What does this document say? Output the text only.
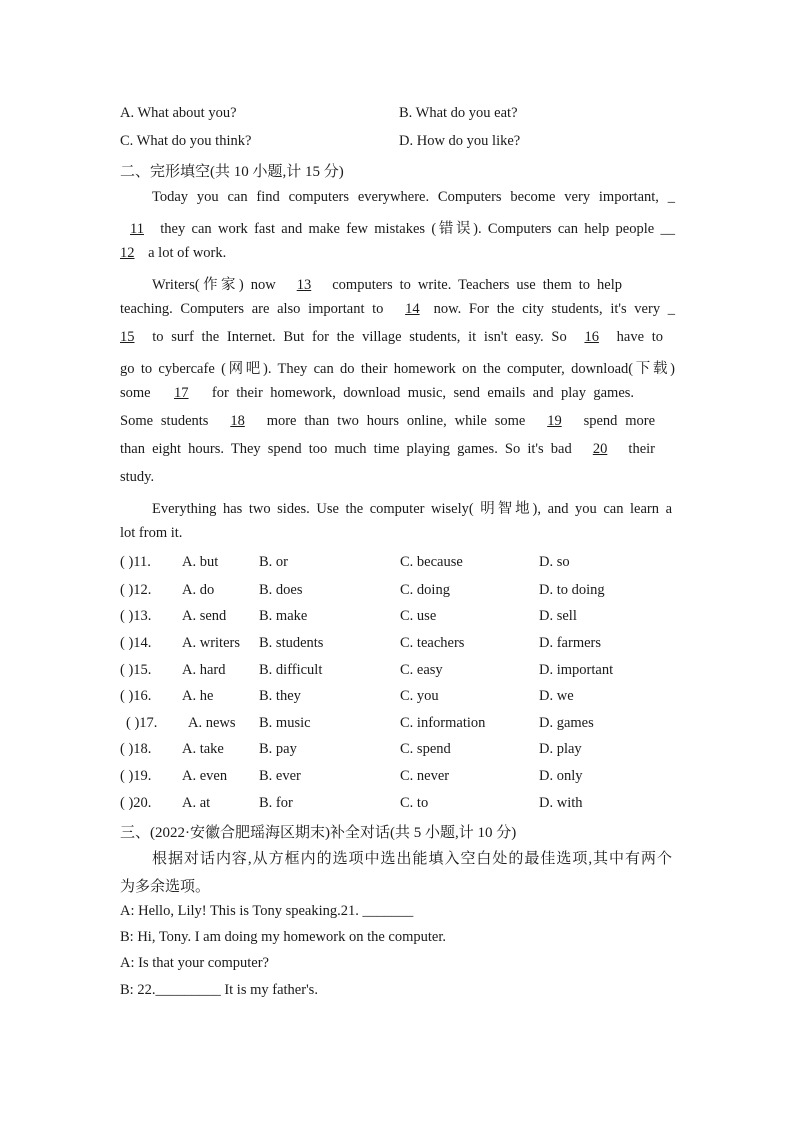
A. What about you?	B. What do you eat?
C. What do you think?	D. How do you like?
二、完形填空(共 10 小题,计 15 分)
Today you can find computers everywhere. Computers become very important, _
11 they can work fast and make few mistakes (错误). Computers can help people __
12 a lot of work.
Writers(作家) now 13 computers to write. Teachers use them to help
teaching. Computers are also important to 14 now. For the city students, it's very _
15 to surf the Internet. But for the village students, it isn't easy. So 16 have to
go to cybercafe (网吧). They can do their homework on the computer, download(下载)
some 17 for their homework, download music, send emails and play games.
Some students 18 more than two hours online, while some 19 spend more
than eight hours. They spend too much time playing games. So it's bad 20 their
study.
Everything has two sides. Use the computer wisely( 明智地), and you can learn a
lot from it.
( )11. A. but	B. or	C. because	D. so
( )12. A. do	B. does	C. doing	D. to doing
( )13. A. send B. make	C. use	D. sell
( )14. A. writers B. students	C. teachers	D. farmers
( )15. A. hard B. difficult	C. easy	D. important
( )16. A. he	B. they	C. you	D. we
( )17. A. news B. music	C. information	D. games
( )18. A. take B. pay	C. spend	D. play
( )19. A. even B. ever	C. never	D. only
( )20. A. at	B. for	C. to	D. with
三、(2022·安徽合肥瑶海区期末)补全对话(共 5 小题,计 10 分)
根据对话内容,从方框内的选项中选出能填入空白处的最佳选项,其中有两个
为多余选项。
A: Hello, Lily! This is Tony speaking.21. _______
B: Hi, Tony. I am doing my homework on the computer.
A: Is that your computer?
B: 22._________ It is my father's.
